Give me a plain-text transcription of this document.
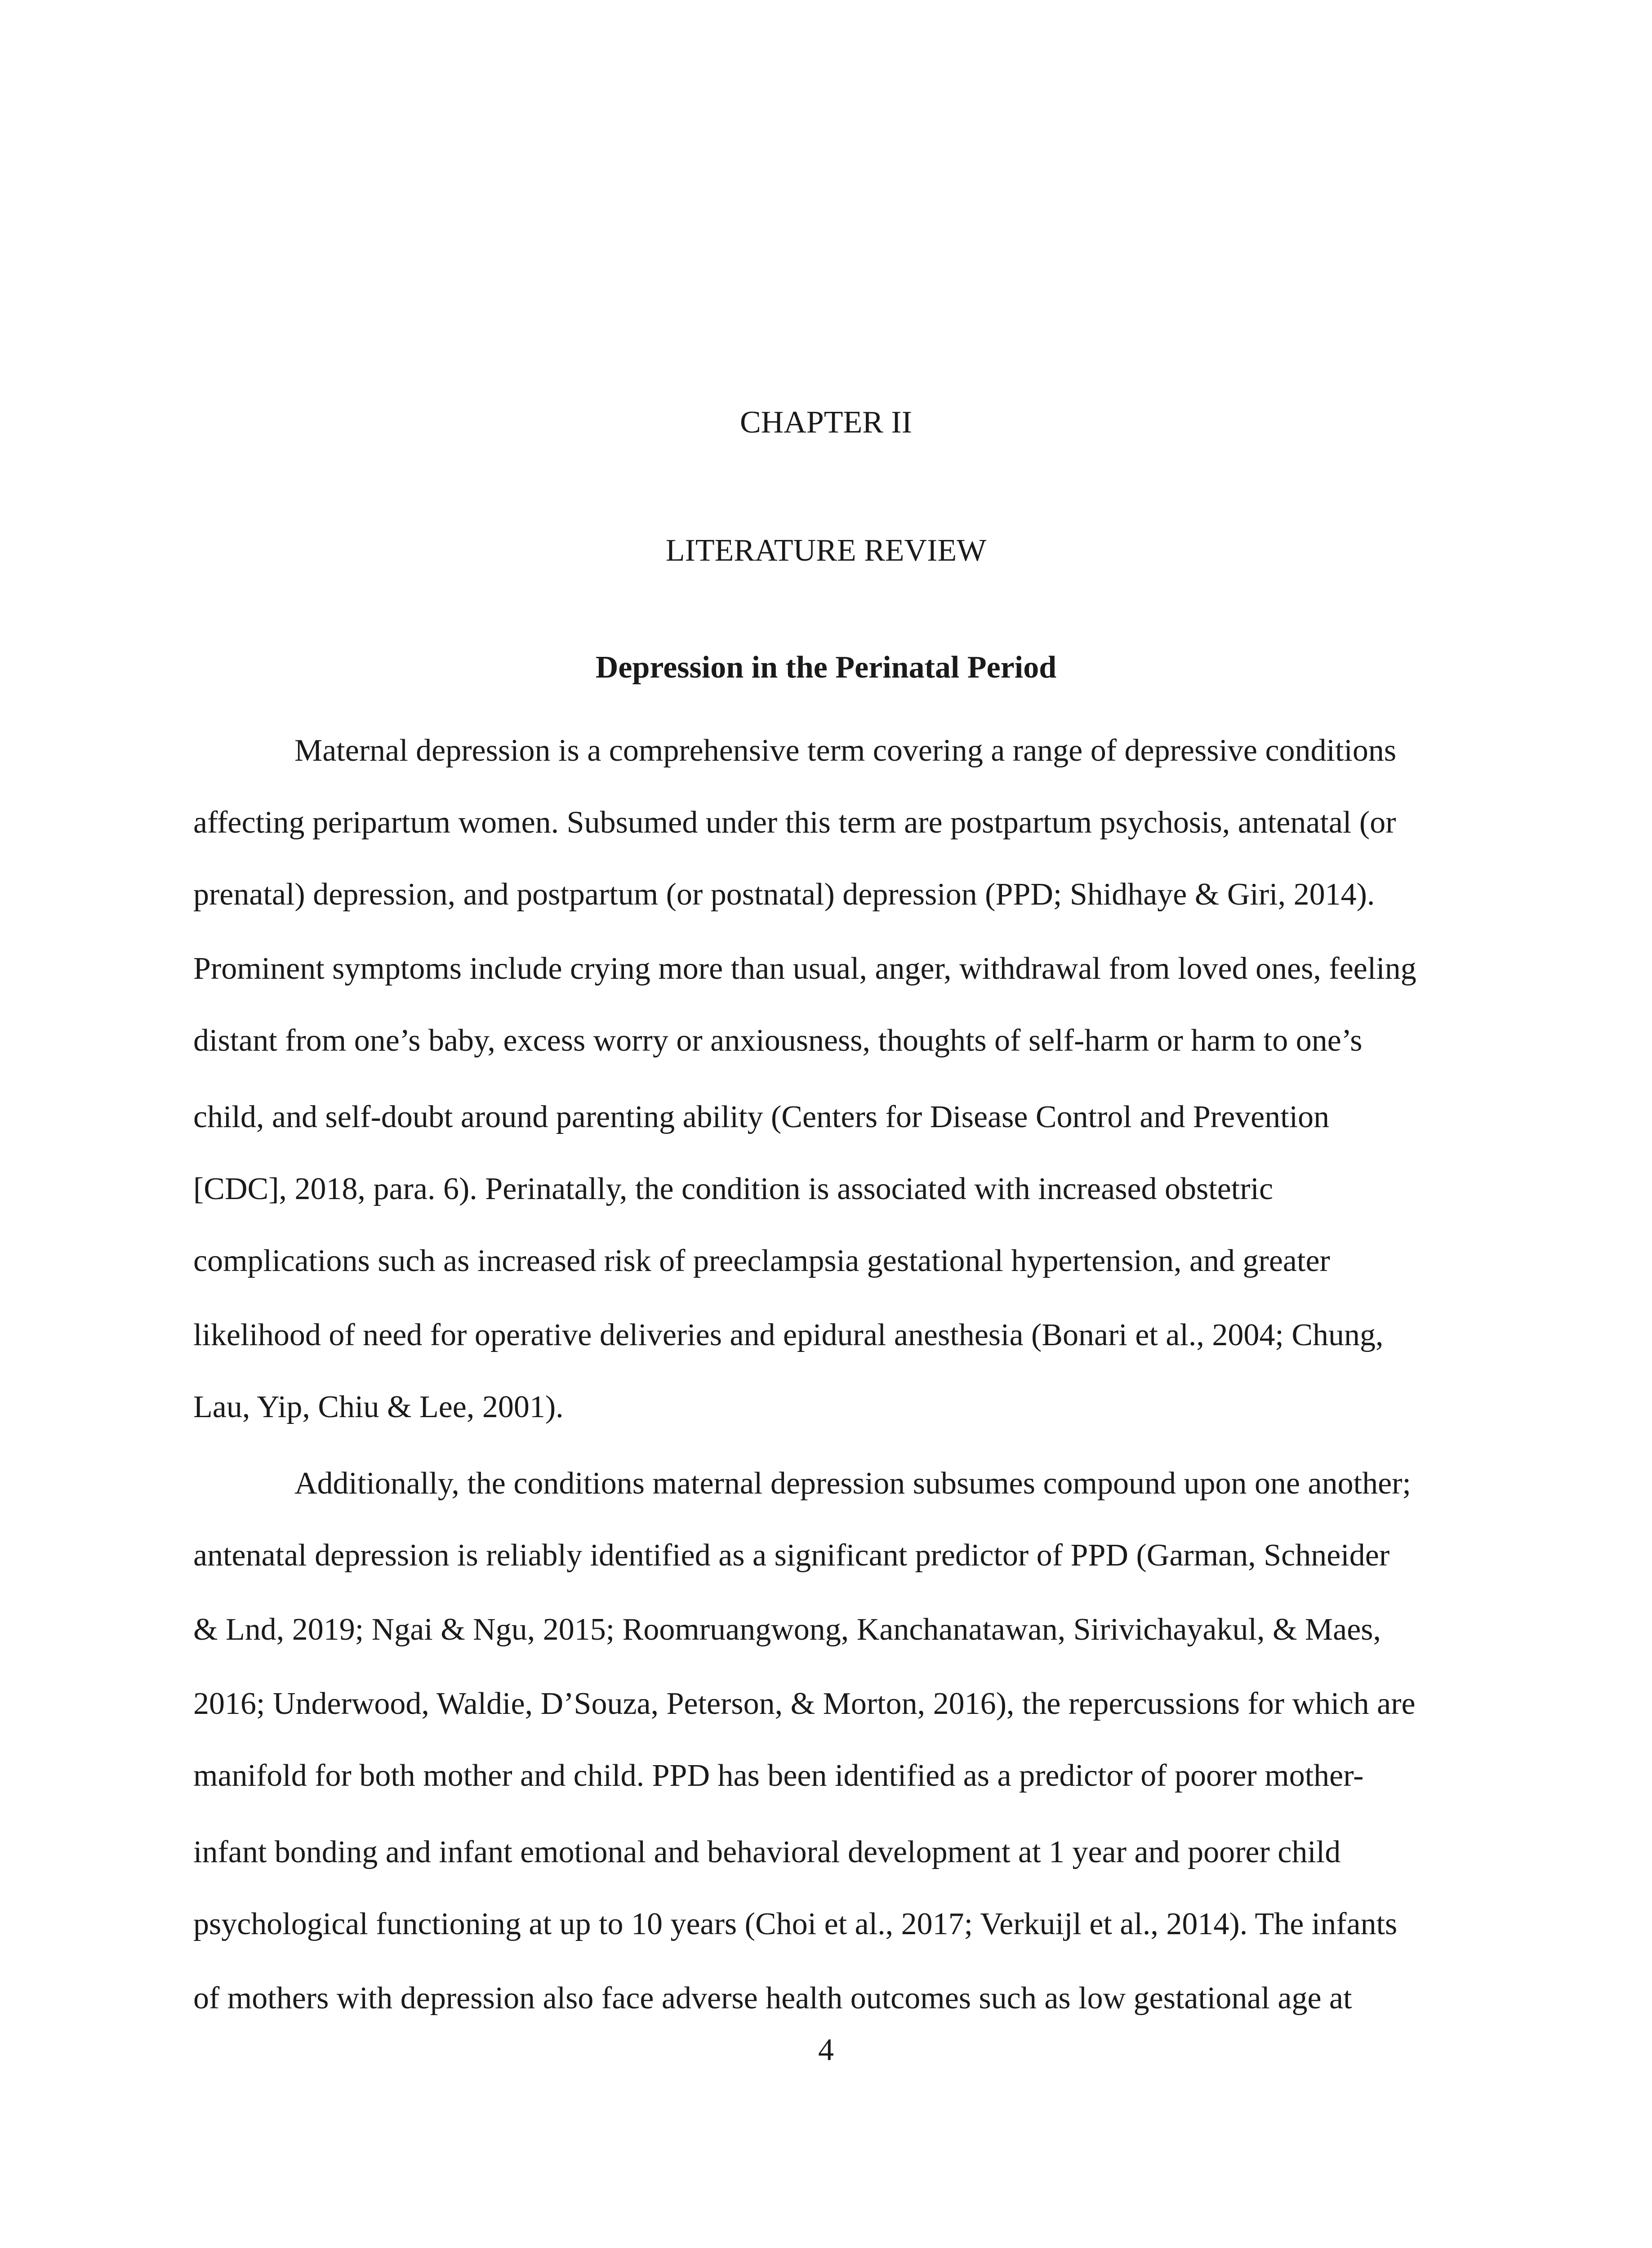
CHAPTER II
LITERATURE REVIEW
Depression in the Perinatal Period
Maternal depression is a comprehensive term covering a range of depressive conditions
affecting peripartum women. Subsumed under this term are postpartum psychosis, antenatal (or
prenatal) depression, and postpartum (or postnatal) depression (PPD; Shidhaye & Giri, 2014).
Prominent symptoms include crying more than usual, anger, withdrawal from loved ones, feeling
distant from one’s baby, excess worry or anxiousness, thoughts of self-harm or harm to one’s
child, and self-doubt around parenting ability (Centers for Disease Control and Prevention
[CDC], 2018, para. 6). Perinatally, the condition is associated with increased obstetric
complications such as increased risk of preeclampsia gestational hypertension, and greater
likelihood of need for operative deliveries and epidural anesthesia (Bonari et al., 2004; Chung,
Lau, Yip, Chiu & Lee, 2001).
Additionally, the conditions maternal depression subsumes compound upon one another;
antenatal depression is reliably identified as a significant predictor of PPD (Garman, Schneider
& Lnd, 2019; Ngai & Ngu, 2015; Roomruangwong, Kanchanatawan, Sirivichayakul, & Maes,
2016; Underwood, Waldie, D’Souza, Peterson, & Morton, 2016), the repercussions for which are
manifold for both mother and child. PPD has been identified as a predictor of poorer mother-
infant bonding and infant emotional and behavioral development at 1 year and poorer child
psychological functioning at up to 10 years (Choi et al., 2017; Verkuijl et al., 2014). The infants
of mothers with depression also face adverse health outcomes such as low gestational age at
4
